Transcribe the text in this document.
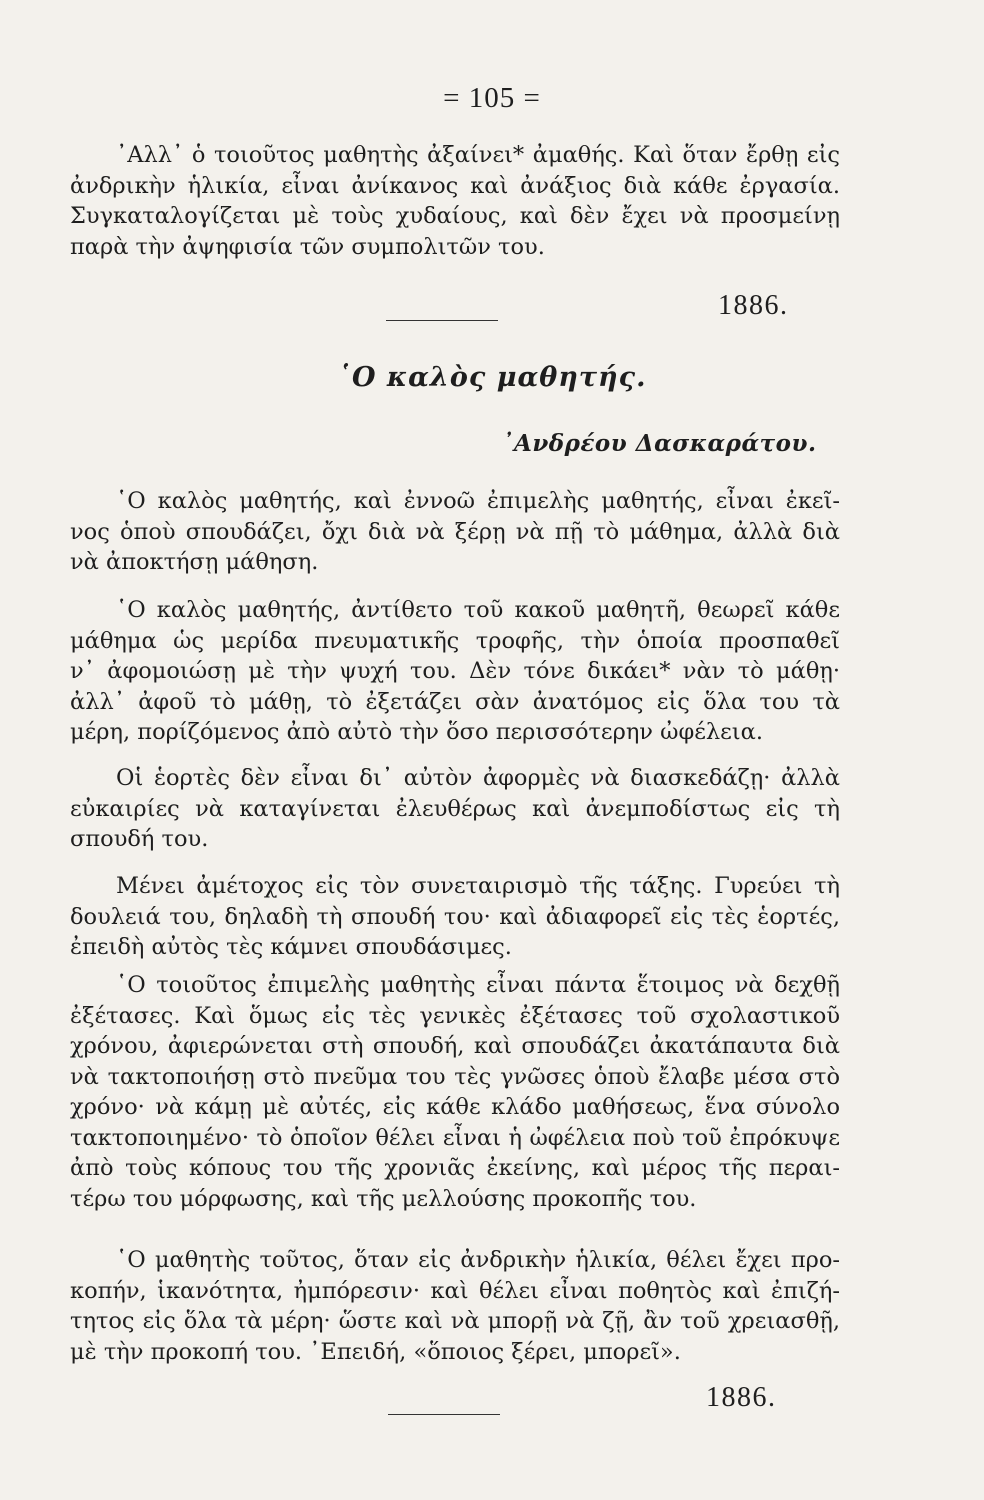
= 105 =
᾿Αλλ᾿ ὁ τοιοῦτος μαθητὴς ἀξαίνει* ἀμαθής. Καὶ ὅταν ἔρθῃ εἰς
ἀνδρικὴν ἡλικία, εἶναι ἀνίκανος καὶ ἀνάξιος διὰ κάθε ἐργασία.
Συγκαταλογίζεται μὲ τοὺς χυδαίους, καὶ δὲν ἔχει νὰ προσμείνῃ
παρὰ τὴν ἀψηφισία τῶν συμπολιτῶν του.
1886.
῾Ο καλὸς μαθητής.
᾿Ανδρέου Δασκαράτου.
῾Ο καλὸς μαθητής, καὶ ἐννοῶ ἐπιμελὴς μαθητής, εἶναι ἐκεῖ-
νος ὁποὺ σπουδάζει, ὄχι διὰ νὰ ξέρῃ νὰ πῇ τὸ μάθημα, ἀλλὰ διὰ
νὰ ἀποκτήσῃ μάθηση.
῾Ο καλὸς μαθητής, ἀντίθετο τοῦ κακοῦ μαθητῆ, θεωρεῖ κάθε
μάθημα ὡς μερίδα πνευματικῆς τροφῆς, τὴν ὁποία προσπαθεῖ
ν᾿ ἀφομοιώσῃ μὲ τὴν ψυχή του. Δὲν τόνε δικάει* νὰν τὸ μάθῃ·
ἀλλ᾿ ἀφοῦ τὸ μάθῃ, τὸ ἐξετάζει σὰν ἀνατόμος εἰς ὅλα του τὰ
μέρη, πορίζόμενος ἀπὸ αὐτὸ τὴν ὅσο περισσότερην ὠφέλεια.
Οἱ ἑορτὲς δὲν εἶναι δι᾿ αὐτὸν ἀφορμὲς νὰ διασκεδάζῃ· ἀλλὰ
εὐκαιρίες νὰ καταγίνεται ἐλευθέρως καὶ ἀνεμποδίστως εἰς τὴ
σπουδή του.
Μένει ἀμέτοχος εἰς τὸν συνεταιρισμὸ τῆς τάξης. Γυρεύει τὴ
δουλειά του, δηλαδὴ τὴ σπουδή του· καὶ ἀδιαφορεῖ εἰς τὲς ἑορτές,
ἐπειδὴ αὐτὸς τὲς κάμνει σπουδάσιμες.
῾Ο τοιοῦτος ἐπιμελὴς μαθητὴς εἶναι πάντα ἕτοιμος νὰ δεχθῇ
ἐξέτασες. Καὶ ὅμως εἰς τὲς γενικὲς ἐξέτασες τοῦ σχολαστικοῦ
χρόνου, ἀφιερώνεται στὴ σπουδή, καὶ σπουδάζει ἀκατάπαυτα διὰ
νὰ τακτοποιήσῃ στὸ πνεῦμα του τὲς γνῶσες ὁποὺ ἔλαβε μέσα στὸ
χρόνο· νὰ κάμῃ μὲ αὐτές, εἰς κάθε κλάδο μαθήσεως, ἕνα σύνολο
τακτοποιημένο· τὸ ὁποῖον θέλει εἶναι ἡ ὠφέλεια ποὺ τοῦ ἐπρόκυψε
ἀπὸ τοὺς κόπους του τῆς χρονιᾶς ἐκείνης, καὶ μέρος τῆς περαι-
τέρω του μόρφωσης, καὶ τῆς μελλούσης προκοπῆς του.
῾Ο μαθητὴς τοῦτος, ὅταν εἰς ἀνδρικὴν ἡλικία, θέλει ἔχει προ-
κοπήν, ἱκανότητα, ἠμπόρεσιν· καὶ θέλει εἶναι ποθητὸς καὶ ἐπιζή-
τητος εἰς ὅλα τὰ μέρη· ὥστε καὶ νὰ μπορῇ νὰ ζῇ, ἂν τοῦ χρειασθῇ,
μὲ τὴν προκοπή του. ᾿Επειδή, «ὅποιος ξέρει, μπορεῖ».
1886.
